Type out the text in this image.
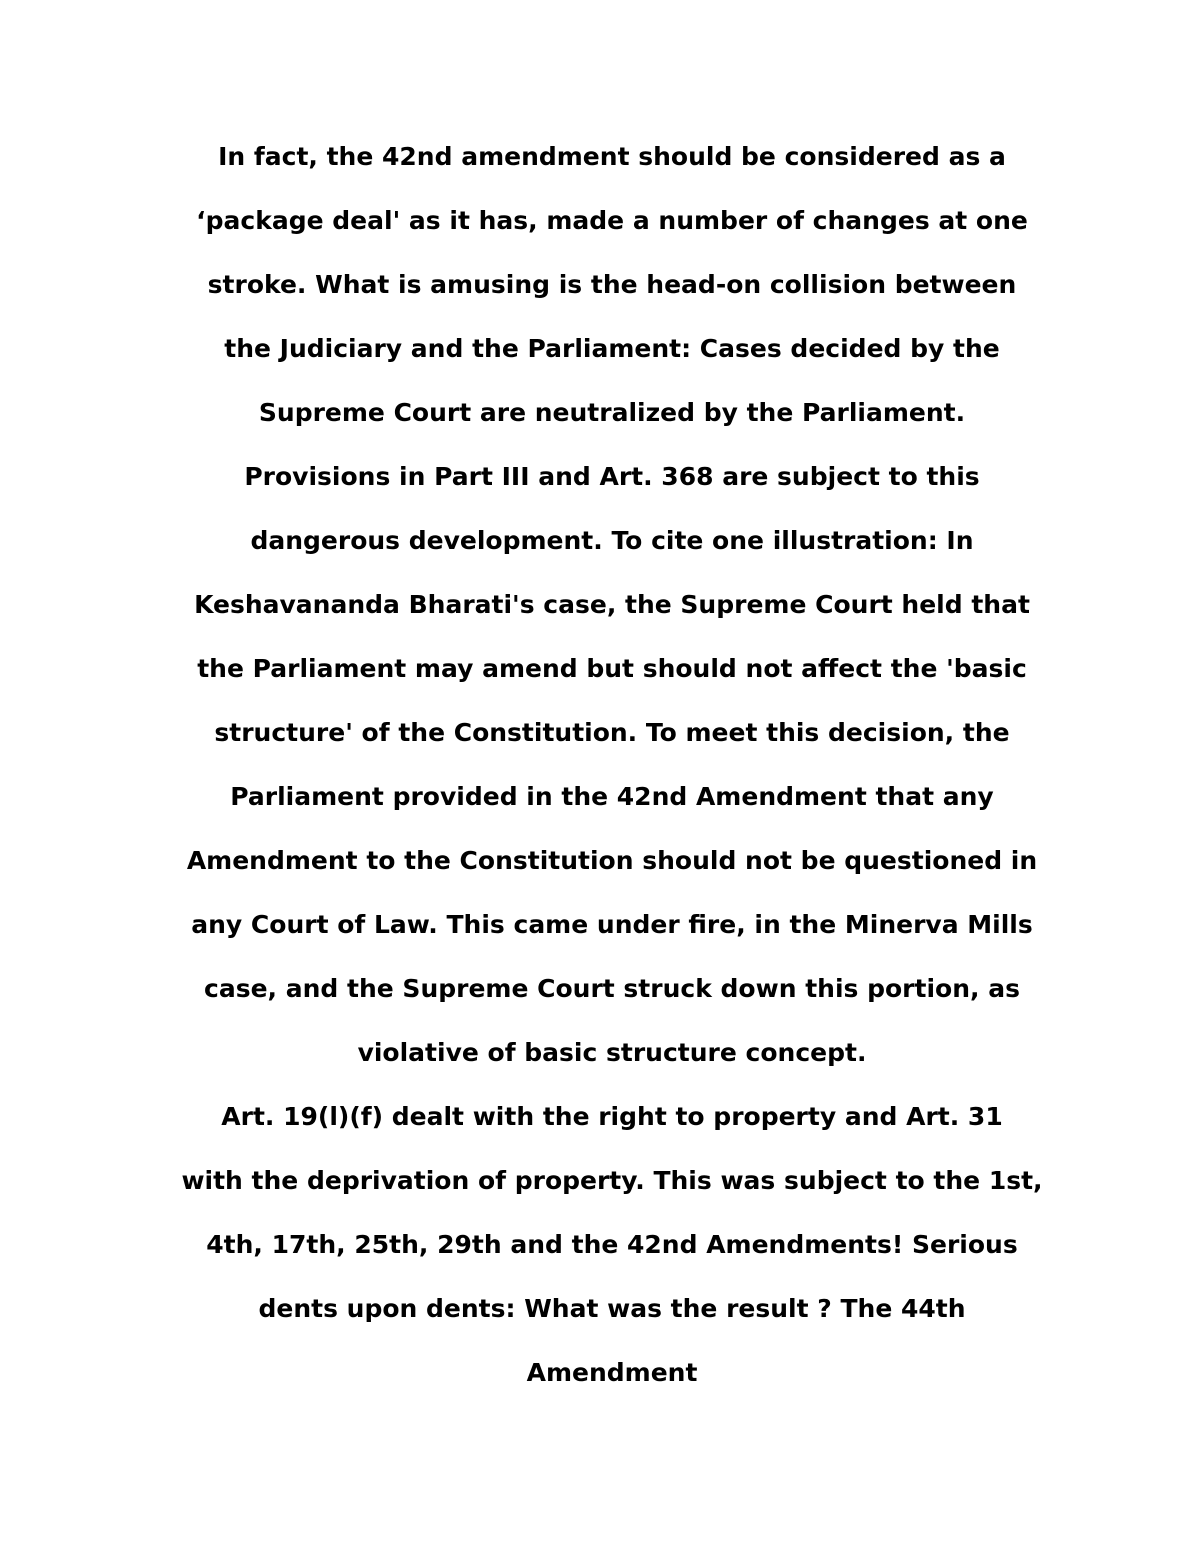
In fact, the 42nd amendment should be considered as a
‘package deal' as it has, made a number of changes at one
stroke. What is amusing is the head-on collision between
the Judiciary and the Parliament: Cases decided by the
Supreme Court are neutralized by the Parliament.
Provisions in Part III and Art. 368 are subject to this
dangerous development. To cite one illustration: In
Keshavananda Bharati's case, the Supreme Court held that
the Parliament may amend but should not affect the 'basic
structure' of the Constitution. To meet this decision, the
Parliament provided in the 42nd Amendment that any
Amendment to the Constitution should not be questioned in
any Court of Law. This came under fire, in the Minerva Mills
case, and the Supreme Court struck down this portion, as
violative of basic structure concept.
Art. 19(l)(f) dealt with the right to property and Art. 31
with the deprivation of property. This was subject to the 1st,
4th, 17th, 25th, 29th and the 42nd Amendments! Serious
dents upon dents: What was the result ? The 44th
Amendment
